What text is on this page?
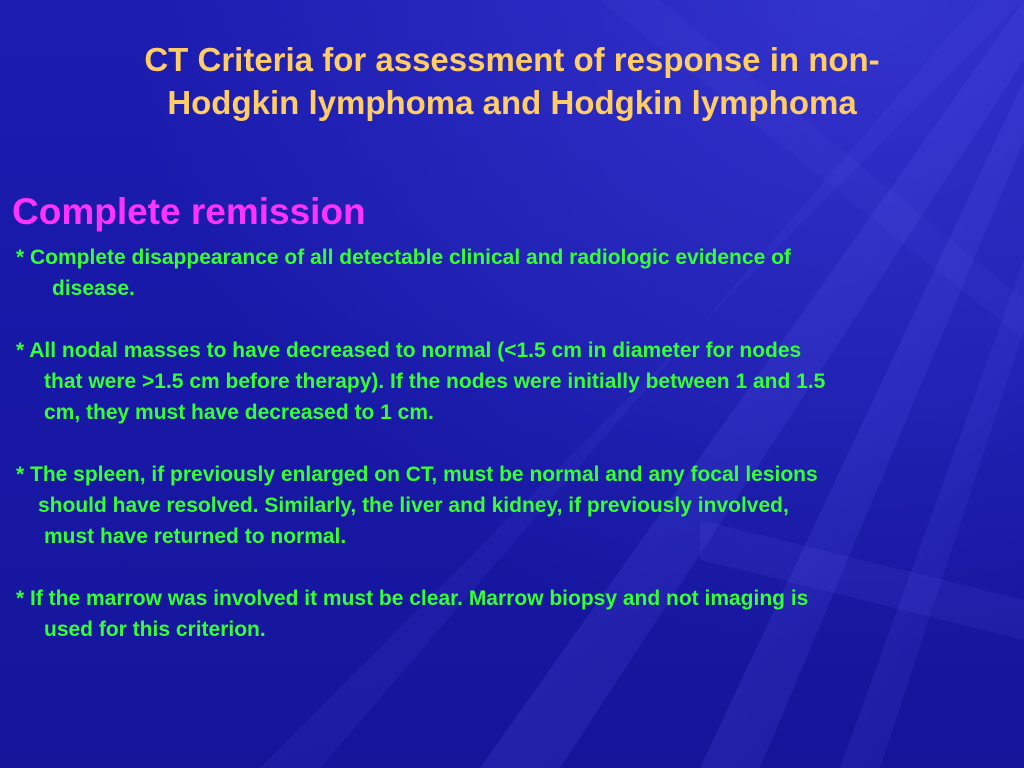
CT Criteria for assessment of response in non-
Hodgkin lymphoma and Hodgkin lymphoma
Complete remission
* Complete disappearance of all detectable clinical and radiologic evidence of
disease.
* All nodal masses to have decreased to normal (<1.5 cm in diameter for nodes
that were >1.5 cm before therapy). If the nodes were initially between 1 and 1.5
cm, they must have decreased to 1 cm.
* The spleen, if previously enlarged on CT, must be normal and any focal lesions
should have resolved. Similarly, the liver and kidney, if previously involved,
must have returned to normal.
* If the marrow was involved it must be clear. Marrow biopsy and not imaging is
used for this criterion.
